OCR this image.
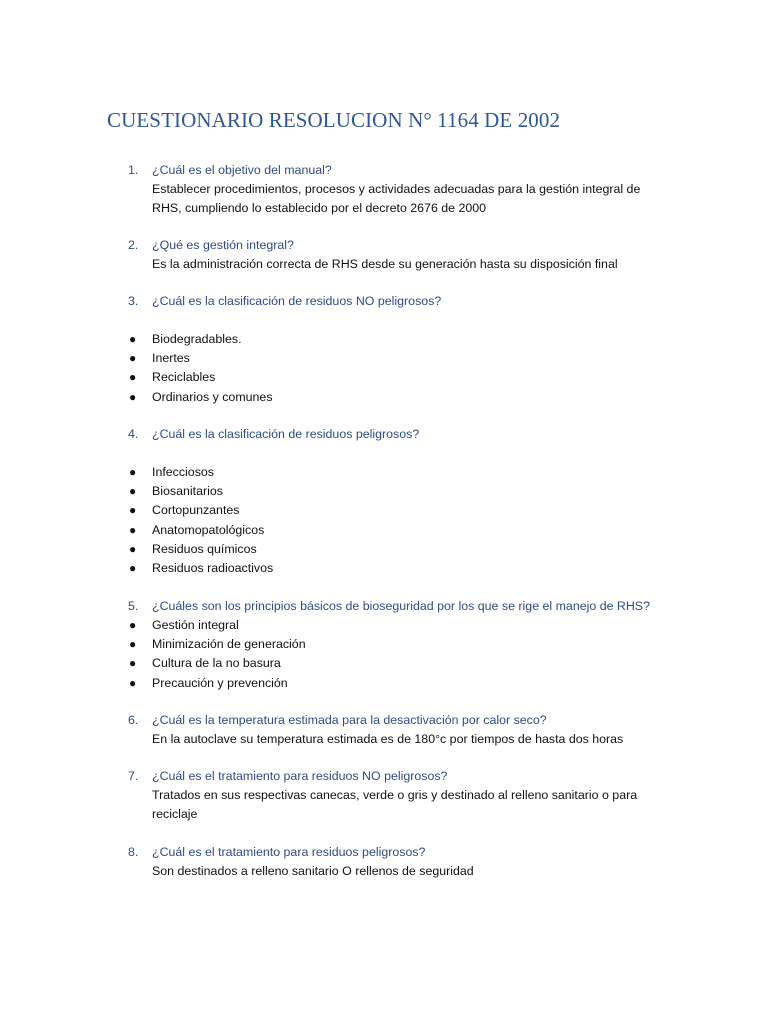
CUESTIONARIO RESOLUCION N° 1164 DE 2002
1. ¿Cuál es el objetivo del manual?
Establecer procedimientos, procesos y actividades adecuadas para la gestión integral de
RHS, cumpliendo lo establecido por el decreto 2676 de 2000
2. ¿Qué es gestión integral?
Es la administración correcta de RHS desde su generación hasta su disposición final
3. ¿Cuál es la clasificación de residuos NO peligrosos?
● Biodegradables.
● Inertes
● Reciclables
● Ordinarios y comunes
4. ¿Cuál es la clasificación de residuos peligrosos?
● Infecciosos
● Biosanitarios
● Cortopunzantes
● Anatomopatológicos
● Residuos químicos
● Residuos radioactivos
5. ¿Cuáles son los principios básicos de bioseguridad por los que se rige el manejo de RHS?
● Gestión integral
● Minimización de generación
● Cultura de la no basura
● Precaución y prevención
6. ¿Cuál es la temperatura estimada para la desactivación por calor seco?
En la autoclave su temperatura estimada es de 180°c por tiempos de hasta dos horas
7. ¿Cuál es el tratamiento para residuos NO peligrosos?
Tratados en sus respectivas canecas, verde o gris y destinado al relleno sanitario o para
reciclaje
8. ¿Cuál es el tratamiento para residuos peligrosos?
Son destinados a relleno sanitario O rellenos de seguridad
